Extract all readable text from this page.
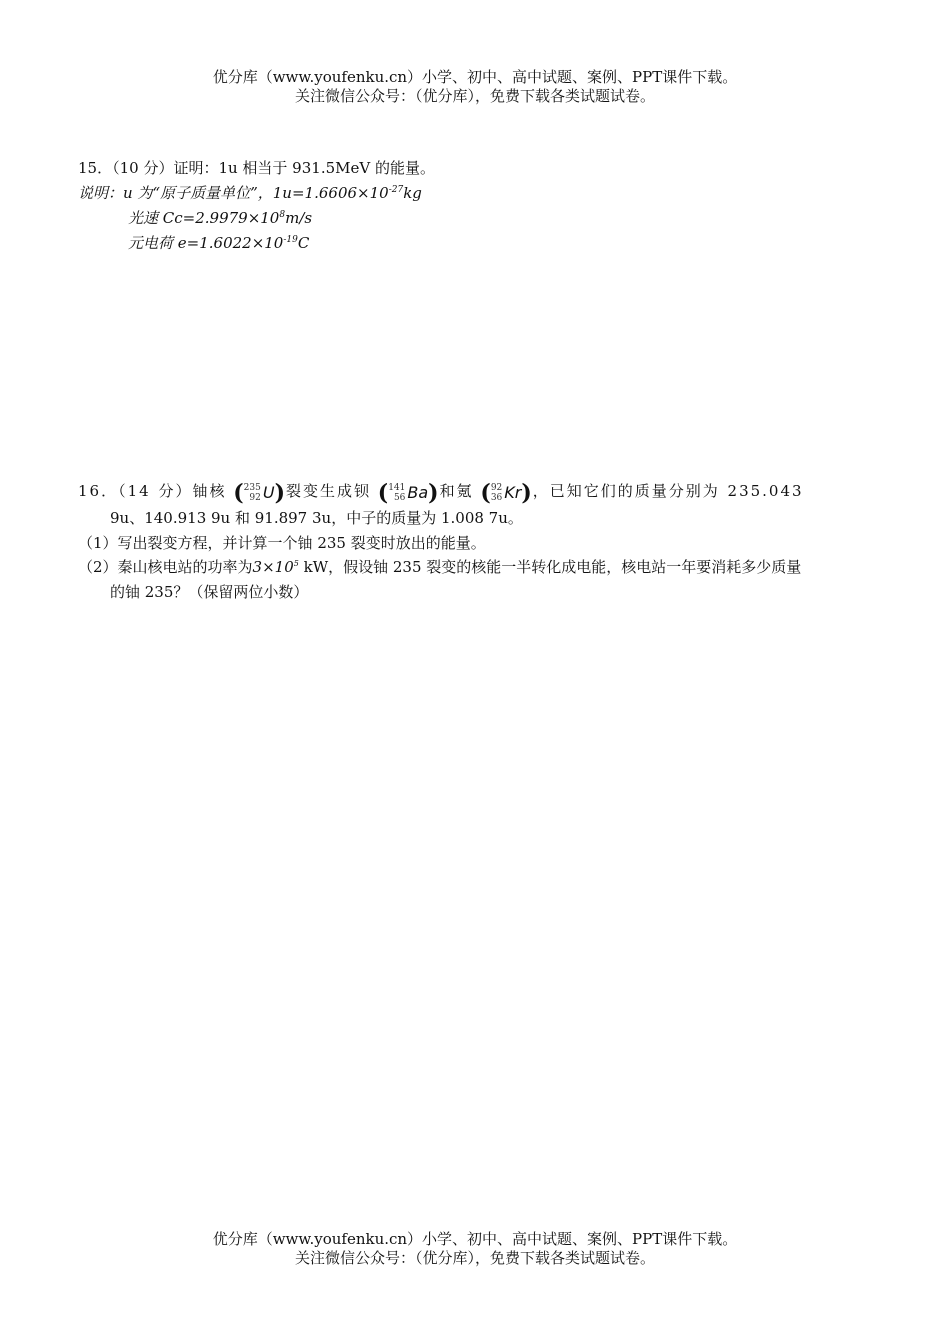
优分库（www.youfenku.cn）小学、初中、高中试题、案例、PPT课件下载。
关注微信公众号：（优分库），免费下载各类试题试卷。
15．（10 分）证明：1u 相当于 931.5MeV 的能量。
说明：u 为“原子质量单位”，$1u=1.6606\times 10^{-27}kg$
光速 $Cc=2.9979\times 10^8m/s$
元电荷 $e=1.6022\times 10^{-19}C$
16．（14 分）铀核 (235
92 U)裂变生成钡 (141
56 Ba)和氪 (92
36 Kr)，已知它们的质量分别为 235.043
9u、140.913 9u 和 91.897 3u，中子的质量为 1.008 7u。
（1）写出裂变方程，并计算一个铀 235 裂变时放出的能量。
（2）秦山核电站的功率为$3\times 10^5$ kW，假设铀 235 裂变的核能一半转化成电能，核电站一年要消耗多少质量
的铀 235？（保留两位小数）
优分库（www.youfenku.cn）小学、初中、高中试题、案例、PPT课件下载。
关注微信公众号：（优分库），免费下载各类试题试卷。
